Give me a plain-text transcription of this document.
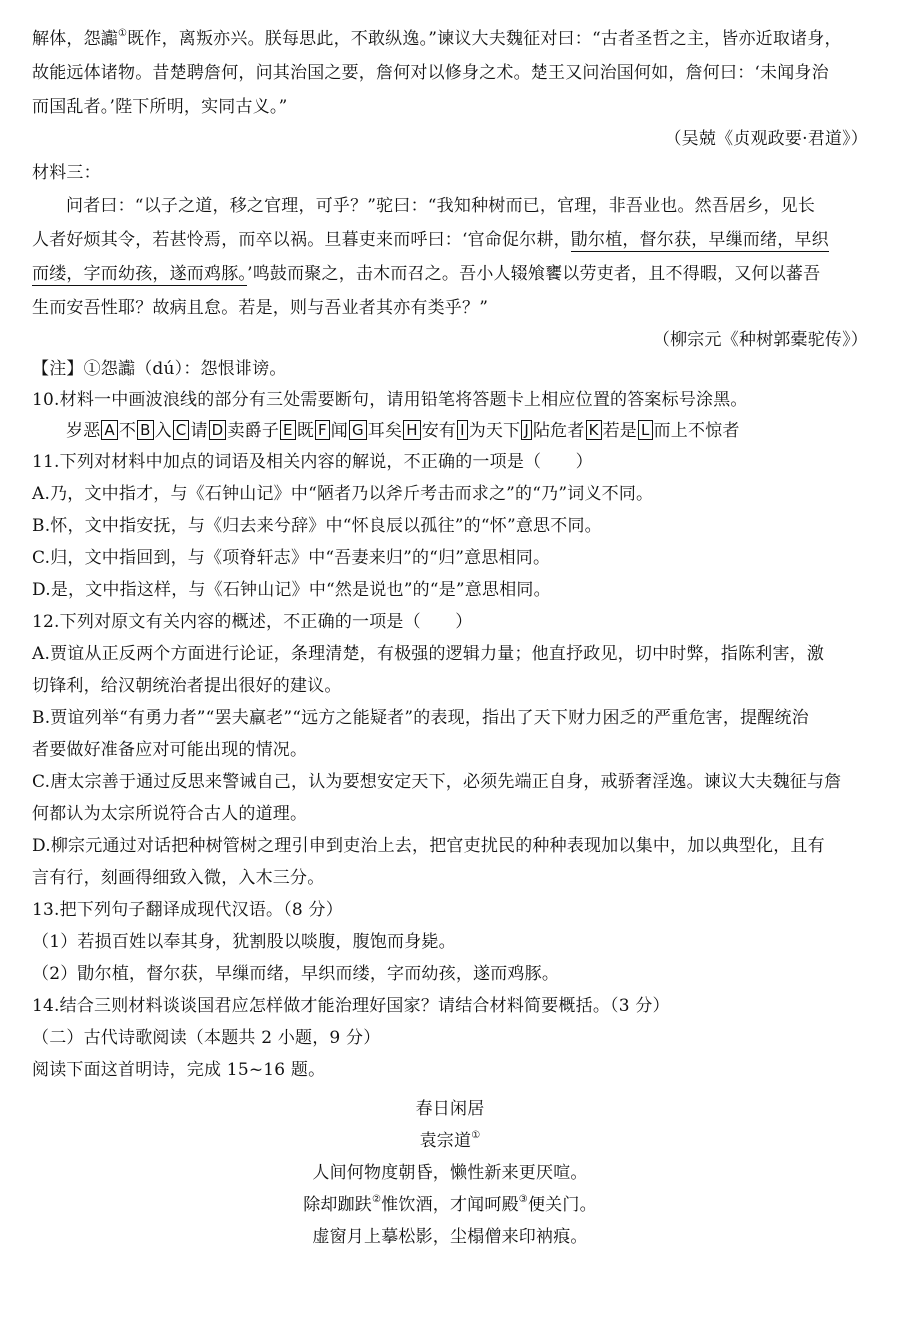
解体，怨讟①既作，离叛亦兴。朕每思此，不敢纵逸。”谏议大夫魏征对曰：“古者圣哲之主，皆亦近取诸身，
故能远体诸物。昔楚聘詹何，问其治国之要，詹何对以修身之术。楚王又问治国何如，詹何曰：‘未闻身治
而国乱者。’陛下所明，实同古义。”
（吴兢《贞观政要·君道》）
材料三：
问者曰：“以子之道，移之官理，可乎？”驼曰：“我知种树而已，官理，非吾业也。然吾居乡，见长
人者好烦其令，若甚怜焉，而卒以祸。旦暮吏来而呼曰：‘官命促尔耕，勖尔植，督尔获，早缫而绪，早织
而缕，字而幼孩，遂而鸡豚。’鸣鼓而聚之，击木而召之。吾小人辍飧饔以劳吏者，且不得暇，又何以蕃吾
生而安吾性耶？故病且怠。若是，则与吾业者其亦有类乎？”
（柳宗元《种树郭橐驼传》）
【注】①怨讟（dú）：怨恨诽谤。
10.材料一中画波浪线的部分有三处需要断句，请用铅笔将答题卡上相应位置的答案标号涂黑。
岁恶 A 不 B 入 C 请 D 卖爵子 E 既 F 闻 G 耳矣 H 安有 I 为天下 J 阽危者 K 若是 L 而上不惊者
11.下列对材料中加点的词语及相关内容的解说，不正确的一项是（　　）
A.乃，文中指才，与《石钟山记》中“陋者乃以斧斤考击而求之”的“乃”词义不同。
B.怀，文中指安抚，与《归去来兮辞》中“怀良辰以孤往”的“怀”意思不同。
C.归，文中指回到，与《项脊轩志》中“吾妻来归”的“归”意思相同。
D.是，文中指这样，与《石钟山记》中“然是说也”的“是”意思相同。
12.下列对原文有关内容的概述，不正确的一项是（　　）
A.贾谊从正反两个方面进行论证，条理清楚，有极强的逻辑力量；他直抒政见，切中时弊，指陈利害，激
切锋利，给汉朝统治者提出很好的建议。
B.贾谊列举“有勇力者”“罢夫羸老”“远方之能疑者”的表现，指出了天下财力困乏的严重危害，提醒统治
者要做好准备应对可能出现的情况。
C.唐太宗善于通过反思来警诫自己，认为要想安定天下，必须先端正自身，戒骄奢淫逸。谏议大夫魏征与詹
何都认为太宗所说符合古人的道理。
D.柳宗元通过对话把种树管树之理引申到吏治上去，把官吏扰民的种种表现加以集中，加以典型化，且有
言有行，刻画得细致入微，入木三分。
13.把下列句子翻译成现代汉语。（8 分）
（1）若损百姓以奉其身，犹割股以啖腹，腹饱而身毙。
（2）勖尔植，督尔获，早缫而绪，早织而缕，字而幼孩，遂而鸡豚。
14.结合三则材料谈谈国君应怎样做才能治理好国家？请结合材料简要概括。（3 分）
（二）古代诗歌阅读（本题共 2 小题，9 分）
阅读下面这首明诗，完成 15~16 题。
春日闲居
袁宗道①
人间何物度朝昏，懒性新来更厌喧。
除却跏趺②惟饮酒，才闻呵殿③便关门。
虚窗月上摹松影，尘榻僧来印衲痕。
